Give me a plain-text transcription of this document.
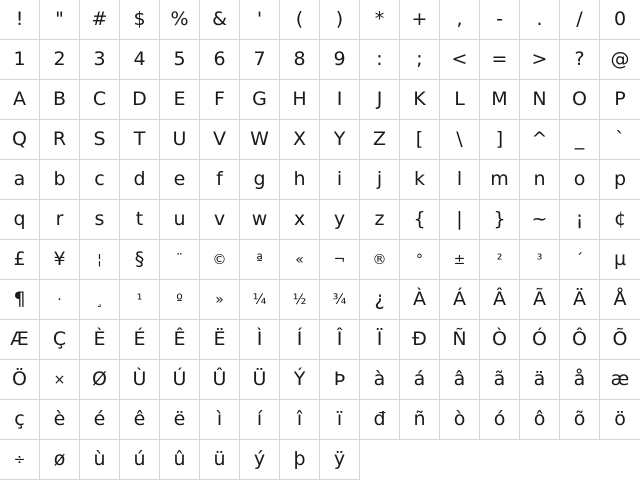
!	"	#	$	%	&	'	(	)	*	+	,	-	.	/	0
1	2	3	4	5	6	7	8	9	:	;	<	=	>	?	@
A	B	C	D	E	F	G	H	I	J	K	L	M	N	O	P
Q	R	S	T	U	V	W	X	Y	Z	[	\	]	^	_	`
a	b	c	d	e	f	g	h	i	j	k	l	m	n	o	p
q	r	s	t	u	v	w	x	y	z	{	|	}	~	¡	¢
£	¥	¦	§	¨	©	ª	«	¬	®	°	±	²	³	´	µ
¶	·	¸	¹	º	»	¼	½	¾	¿	À	Á	Â	Ã	Ä	Å
Æ	Ç	È	É	Ê	Ë	Ì	Í	Î	Ï	Ð	Ñ	Ò	Ó	Ô	Õ
Ö	×	Ø	Ù	Ú	Û	Ü	Ý	Þ	à	á	â	ã	ä	å	æ
ç	è	é	ê	ë	ì	í	î	ï	đ	ñ	ò	ó	ô	õ	ö
÷	ø	ù	ú	û	ü	ý	þ	ÿ
